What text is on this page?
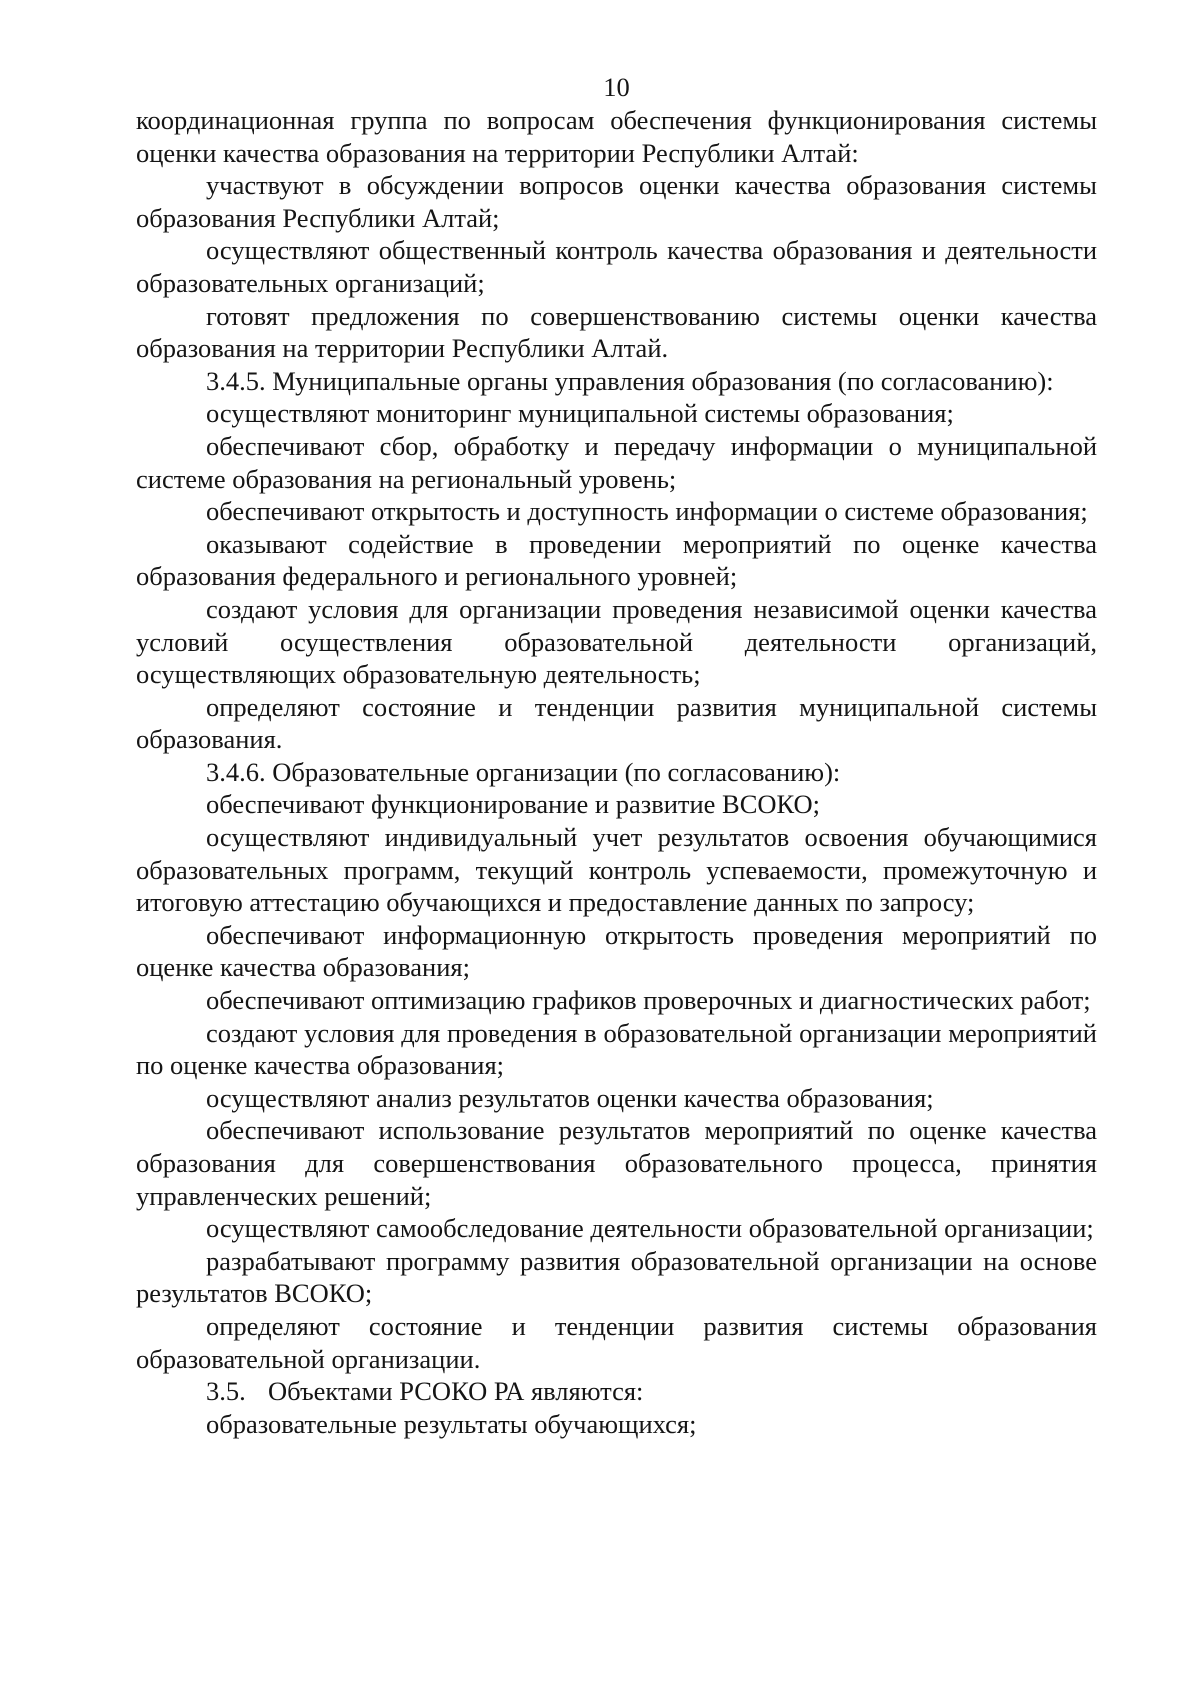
10

координационная группа по вопросам обеспечения функционирования системы оценки качества образования на территории Республики Алтай:

участвуют в обсуждении вопросов оценки качества образования системы образования Республики Алтай;

осуществляют общественный контроль качества образования и деятельности образовательных организаций;

готовят предложения по совершенствованию системы оценки качества образования на территории Республики Алтай.

3.4.5. Муниципальные органы управления образования (по согласованию):

осуществляют мониторинг муниципальной системы образования;

обеспечивают сбор, обработку и передачу информации о муниципальной системе образования на региональный уровень;

обеспечивают открытость и доступность информации о системе образования;

оказывают содействие в проведении мероприятий по оценке качества образования федерального и регионального уровней;

создают условия для организации проведения независимой оценки качества условий осуществления образовательной деятельности организаций, осуществляющих образовательную деятельность;

определяют состояние и тенденции развития муниципальной системы образования.

3.4.6. Образовательные организации (по согласованию):

обеспечивают функционирование и развитие ВСОКО;

осуществляют индивидуальный учет результатов освоения обучающимися образовательных программ, текущий контроль успеваемости, промежуточную и итоговую аттестацию обучающихся и предоставление данных по запросу;

обеспечивают информационную открытость проведения мероприятий по оценке качества образования;

обеспечивают оптимизацию графиков проверочных и диагностических работ;

создают условия для проведения в образовательной организации мероприятий по оценке качества образования;

осуществляют анализ результатов оценки качества образования;

обеспечивают использование результатов мероприятий по оценке качества образования для совершенствования образовательного процесса, принятия управленческих решений;

осуществляют самообследование деятельности образовательной организации;

разрабатывают программу развития образовательной организации на основе результатов ВСОКО;

определяют состояние и тенденции развития системы образования образовательной организации.

3.5. Объектами РСОКО РА являются:

образовательные результаты обучающихся;
